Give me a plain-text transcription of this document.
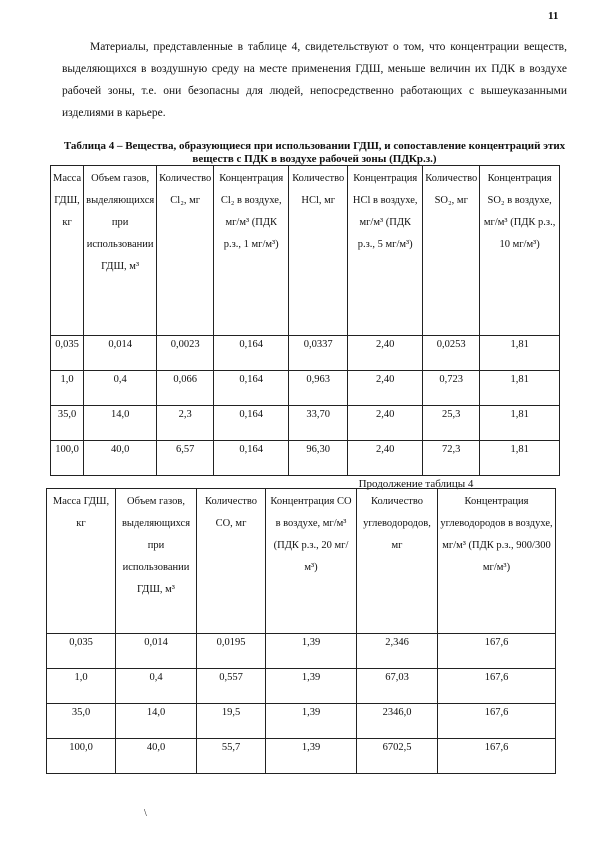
11

Материалы, представленные в таблице 4, свидетельствуют о том, что концентрации веществ, выделяющихся в воздушную среду на месте применения ГДШ, меньше величин их ПДК в воздухе рабочей зоны, т.е. они безопасны для людей, непосредственно работающих с вышеуказанными изделиями в карьере.

Таблица 4 – Вещества, образующиеся при использовании ГДШ, и сопоставление концентраций этих веществ с ПДК в воздухе рабочей зоны (ПДКр.з.)
Масса ГДШ, кг	Объем газов, выделяющихся при использовании ГДШ, м³	Количество Cl₂, мг	Концентрация Cl₂ в воздухе, мг/м³ (ПДК р.з., 1 мг/м³)	Количество HCl, мг	Концентрация HCl в воздухе, мг/м³ (ПДК р.з., 5 мг/м³)	Количество SO₂, мг	Концентрация SO₂ в воздухе, мг/м³ (ПДК р.з., 10 мг/м³)
0,035	0,014	0,0023	0,164	0,0337	2,40	0,0253	1,81
1,0	0,4	0,066	0,164	0,963	2,40	0,723	1,81
35,0	14,0	2,3	0,164	33,70	2,40	25,3	1,81
100,0	40,0	6,57	0,164	96,30	2,40	72,3	1,81
Продолжение таблицы 4
Масса ГДШ, кг	Объем газов, выделяющихся при использовании ГДШ, м³	Количество СО, мг	Концентрация СО в воздухе, мг/м³ (ПДК р.з., 20 мг/м³)	Количество углеводородов, мг	Концентрация углеводородов в воздухе, мг/м³ (ПДК р.з., 900/300 мг/м³)
0,035	0,014	0,0195	1,39	2,346	167,6
1,0	0,4	0,557	1,39	67,03	167,6
35,0	14,0	19,5	1,39	2346,0	167,6
100,0	40,0	55,7	1,39	6702,5	167,6
\
